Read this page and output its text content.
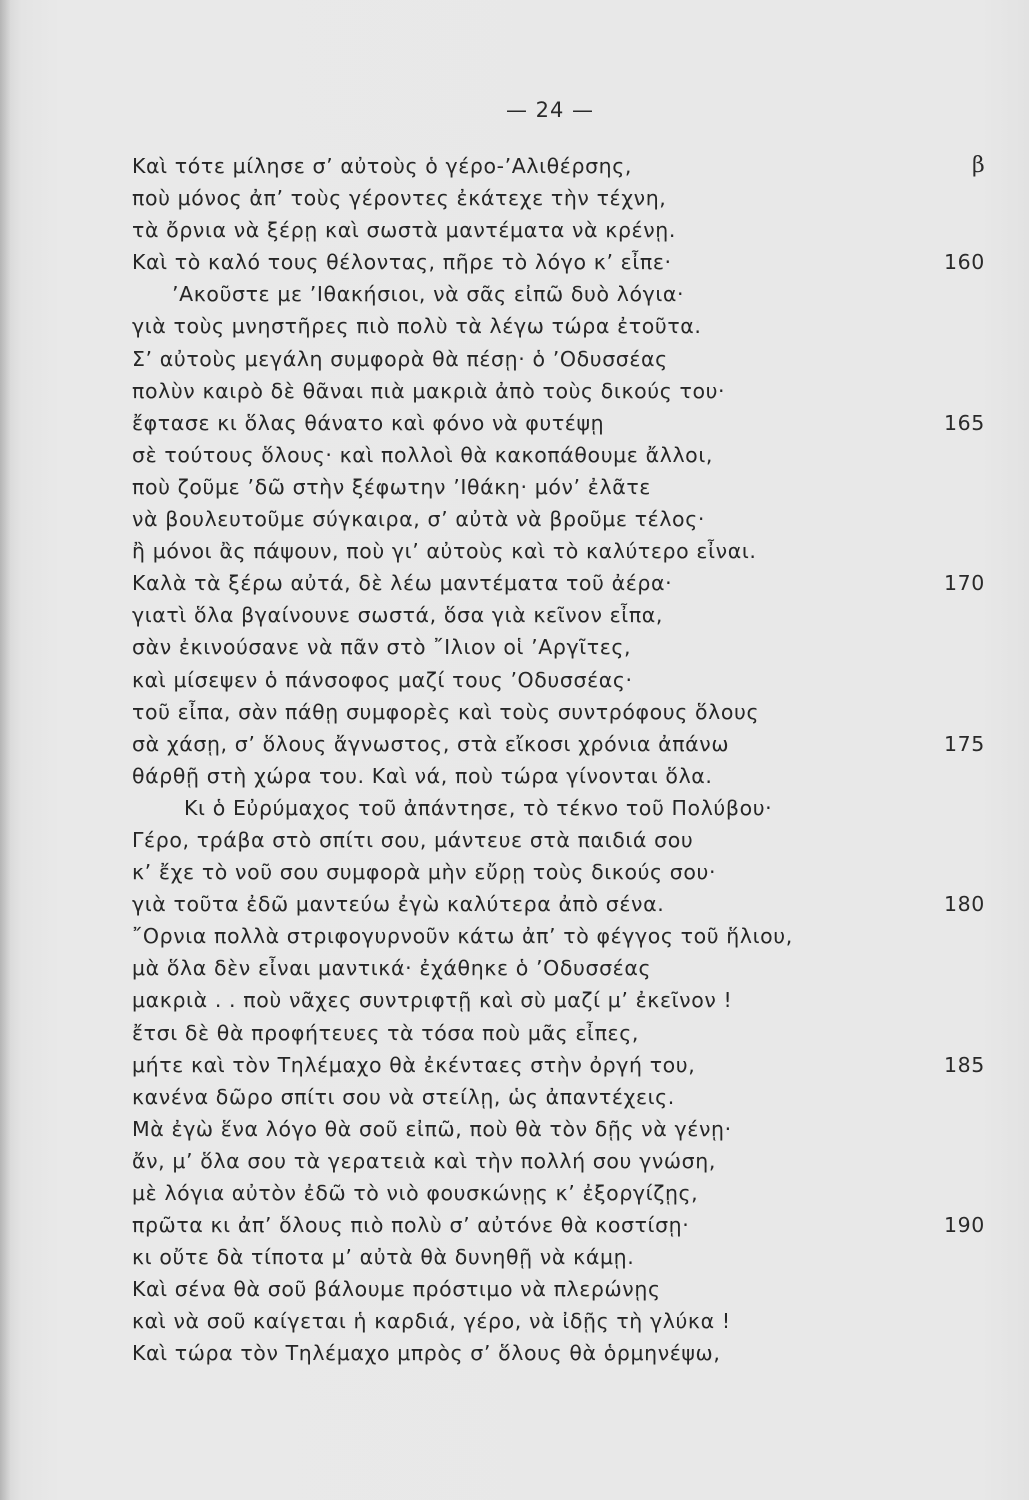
— 24 —
Καὶ τότε μίλησε σ’ αὐτοὺς ὁ γέρο-’Αλιθέρσης,	β
ποὺ μόνος ἀπ’ τοὺς γέροντες ἐκάτεχε τὴν τέχνη,
τὰ ὄρνια νὰ ξέρῃ καὶ σωστὰ μαντέματα νὰ κρένῃ.
Καὶ τὸ καλό τους θέλοντας, πῆρε τὸ λόγο κ’ εἶπε·	160
’Ακοῦστε με ’Ιθακήσιοι, νὰ σᾶς εἰπῶ δυὸ λόγια·
γιὰ τοὺς μνηστῆρες πιὸ πολὺ τὰ λέγω τώρα ἐτοῦτα.
Σ’ αὐτοὺς μεγάλη συμφορὰ θὰ πέσῃ· ὁ ’Οδυσσέας
πολὺν καιρὸ δὲ θᾶναι πιὰ μακριὰ ἀπὸ τοὺς δικούς του·
ἔφτασε κι ὅλας θάνατο καὶ φόνο νὰ φυτέψῃ	165
σὲ τούτους ὅλους· καὶ πολλοὶ θὰ κακοπάθουμε ἄλλοι,
ποὺ ζοῦμε ’δῶ στὴν ξέφωτην ’Ιθάκη· μόν’ ἐλᾶτε
νὰ βουλευτοῦμε σύγκαιρα, σ’ αὐτὰ νὰ βροῦμε τέλος·
ἢ μόνοι ἂς πάψουν, ποὺ γι’ αὐτοὺς καὶ τὸ καλύτερο εἶναι.
Καλὰ τὰ ξέρω αὐτά, δὲ λέω μαντέματα τοῦ ἀέρα·	170
γιατὶ ὅλα βγαίνουνε σωστά, ὅσα γιὰ κεῖνον εἶπα,
σὰν ἐκινούσανε νὰ πᾶν στὸ ῎Ιλιον οἱ ’Αργῖτες,
καὶ μίσεψεν ὁ πάνσοφος μαζί τους ’Οδυσσέας·
τοῦ εἶπα, σὰν πάθῃ συμφορὲς καὶ τοὺς συντρόφους ὅλους
σὰ χάσῃ, σ’ ὅλους ἄγνωστος, στὰ εἴκοσι χρόνια ἀπάνω	175
θάρθῇ στὴ χώρα του. Καὶ νά, ποὺ τώρα γίνονται ὅλα.
Κι ὁ Εὐρύμαχος τοῦ ἀπάντησε, τὸ τέκνο τοῦ Πολύβου·
Γέρο, τράβα στὸ σπίτι σου, μάντευε στὰ παιδιά σου
κ’ ἔχε τὸ νοῦ σου συμφορὰ μὴν εὔρῃ τοὺς δικούς σου·
γιὰ τοῦτα ἐδῶ μαντεύω ἐγὼ καλύτερα ἀπὸ σένα.	180
῎Ορνια πολλὰ στριφογυρνοῦν κάτω ἀπ’ τὸ φέγγος τοῦ ἥλιου,
μὰ ὅλα δὲν εἶναι μαντικά· ἐχάθηκε ὁ ’Οδυσσέας
μακριὰ . . ποὺ νᾶχες συντριφτῇ καὶ σὺ μαζί μ’ ἐκεῖνον !
ἔτσι δὲ θὰ προφήτευες τὰ τόσα ποὺ μᾶς εἶπες,
μήτε καὶ τὸν Τηλέμαχο θὰ ἐκένταες στὴν ὀργή του,	185
κανένα δῶρο σπίτι σου νὰ στείλῃ, ὡς ἀπαντέχεις.
Μὰ ἐγὼ ἕνα λόγο θὰ σοῦ εἰπῶ, ποὺ θὰ τὸν δῇς νὰ γένῃ·
ἄν, μ’ ὅλα σου τὰ γερατειὰ καὶ τὴν πολλή σου γνώση,
μὲ λόγια αὐτὸν ἐδῶ τὸ νιὸ φουσκώνῃς κ’ ἐξοργίζῃς,
πρῶτα κι ἀπ’ ὅλους πιὸ πολὺ σ’ αὐτόνε θὰ κοστίσῃ·	190
κι οὔτε δὰ τίποτα μ’ αὐτὰ θὰ δυνηθῇ νὰ κάμῃ.
Καὶ σένα θὰ σοῦ βάλουμε πρόστιμο νὰ πλερώνῃς
καὶ νὰ σοῦ καίγεται ἡ καρδιά, γέρο, νὰ ἰδῇς τὴ γλύκα !
Καὶ τώρα τὸν Τηλέμαχο μπρὸς σ’ ὅλους θὰ ὁρμηνέψω,
